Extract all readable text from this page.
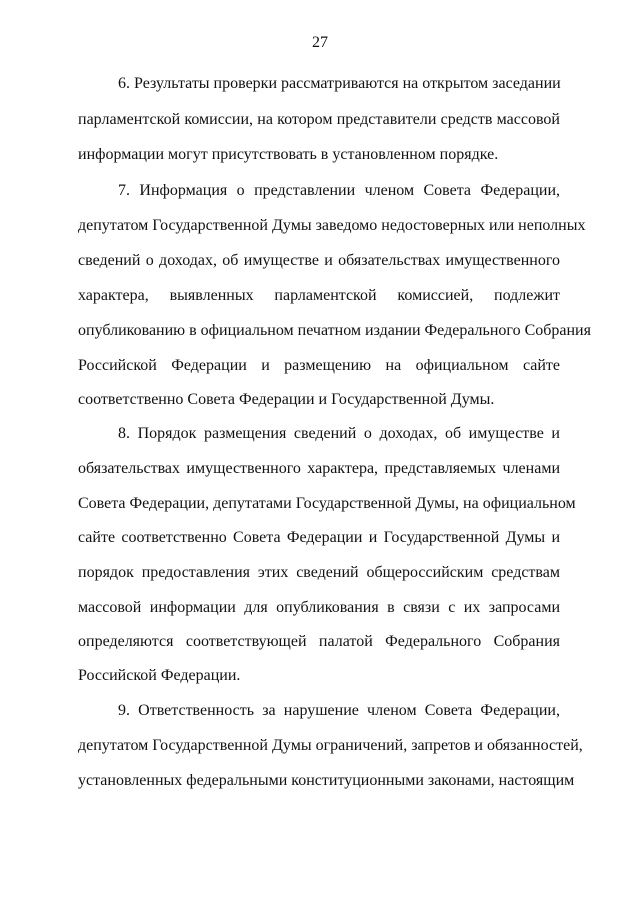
27
6. Результаты проверки рассматриваются на открытом заседании
парламентской комиссии, на котором представители средств массовой
информации могут присутствовать в установленном порядке.
7. Информация о представлении членом Совета Федерации,
депутатом Государственной Думы заведомо недостоверных или неполных
сведений о доходах, об имуществе и обязательствах имущественного
характера, выявленных парламентской комиссией, подлежит
опубликованию в официальном печатном издании Федерального Собрания
Российской Федерации и размещению на официальном сайте
соответственно Совета Федерации и Государственной Думы.
8. Порядок размещения сведений о доходах, об имуществе и
обязательствах имущественного характера, представляемых членами
Совета Федерации, депутатами Государственной Думы, на официальном
сайте соответственно Совета Федерации и Государственной Думы и
порядок предоставления этих сведений общероссийским средствам
массовой информации для опубликования в связи с их запросами
определяются соответствующей палатой Федерального Собрания
Российской Федерации.
9. Ответственность за нарушение членом Совета Федерации,
депутатом Государственной Думы ограничений, запретов и обязанностей,
установленных федеральными конституционными законами, настоящим
